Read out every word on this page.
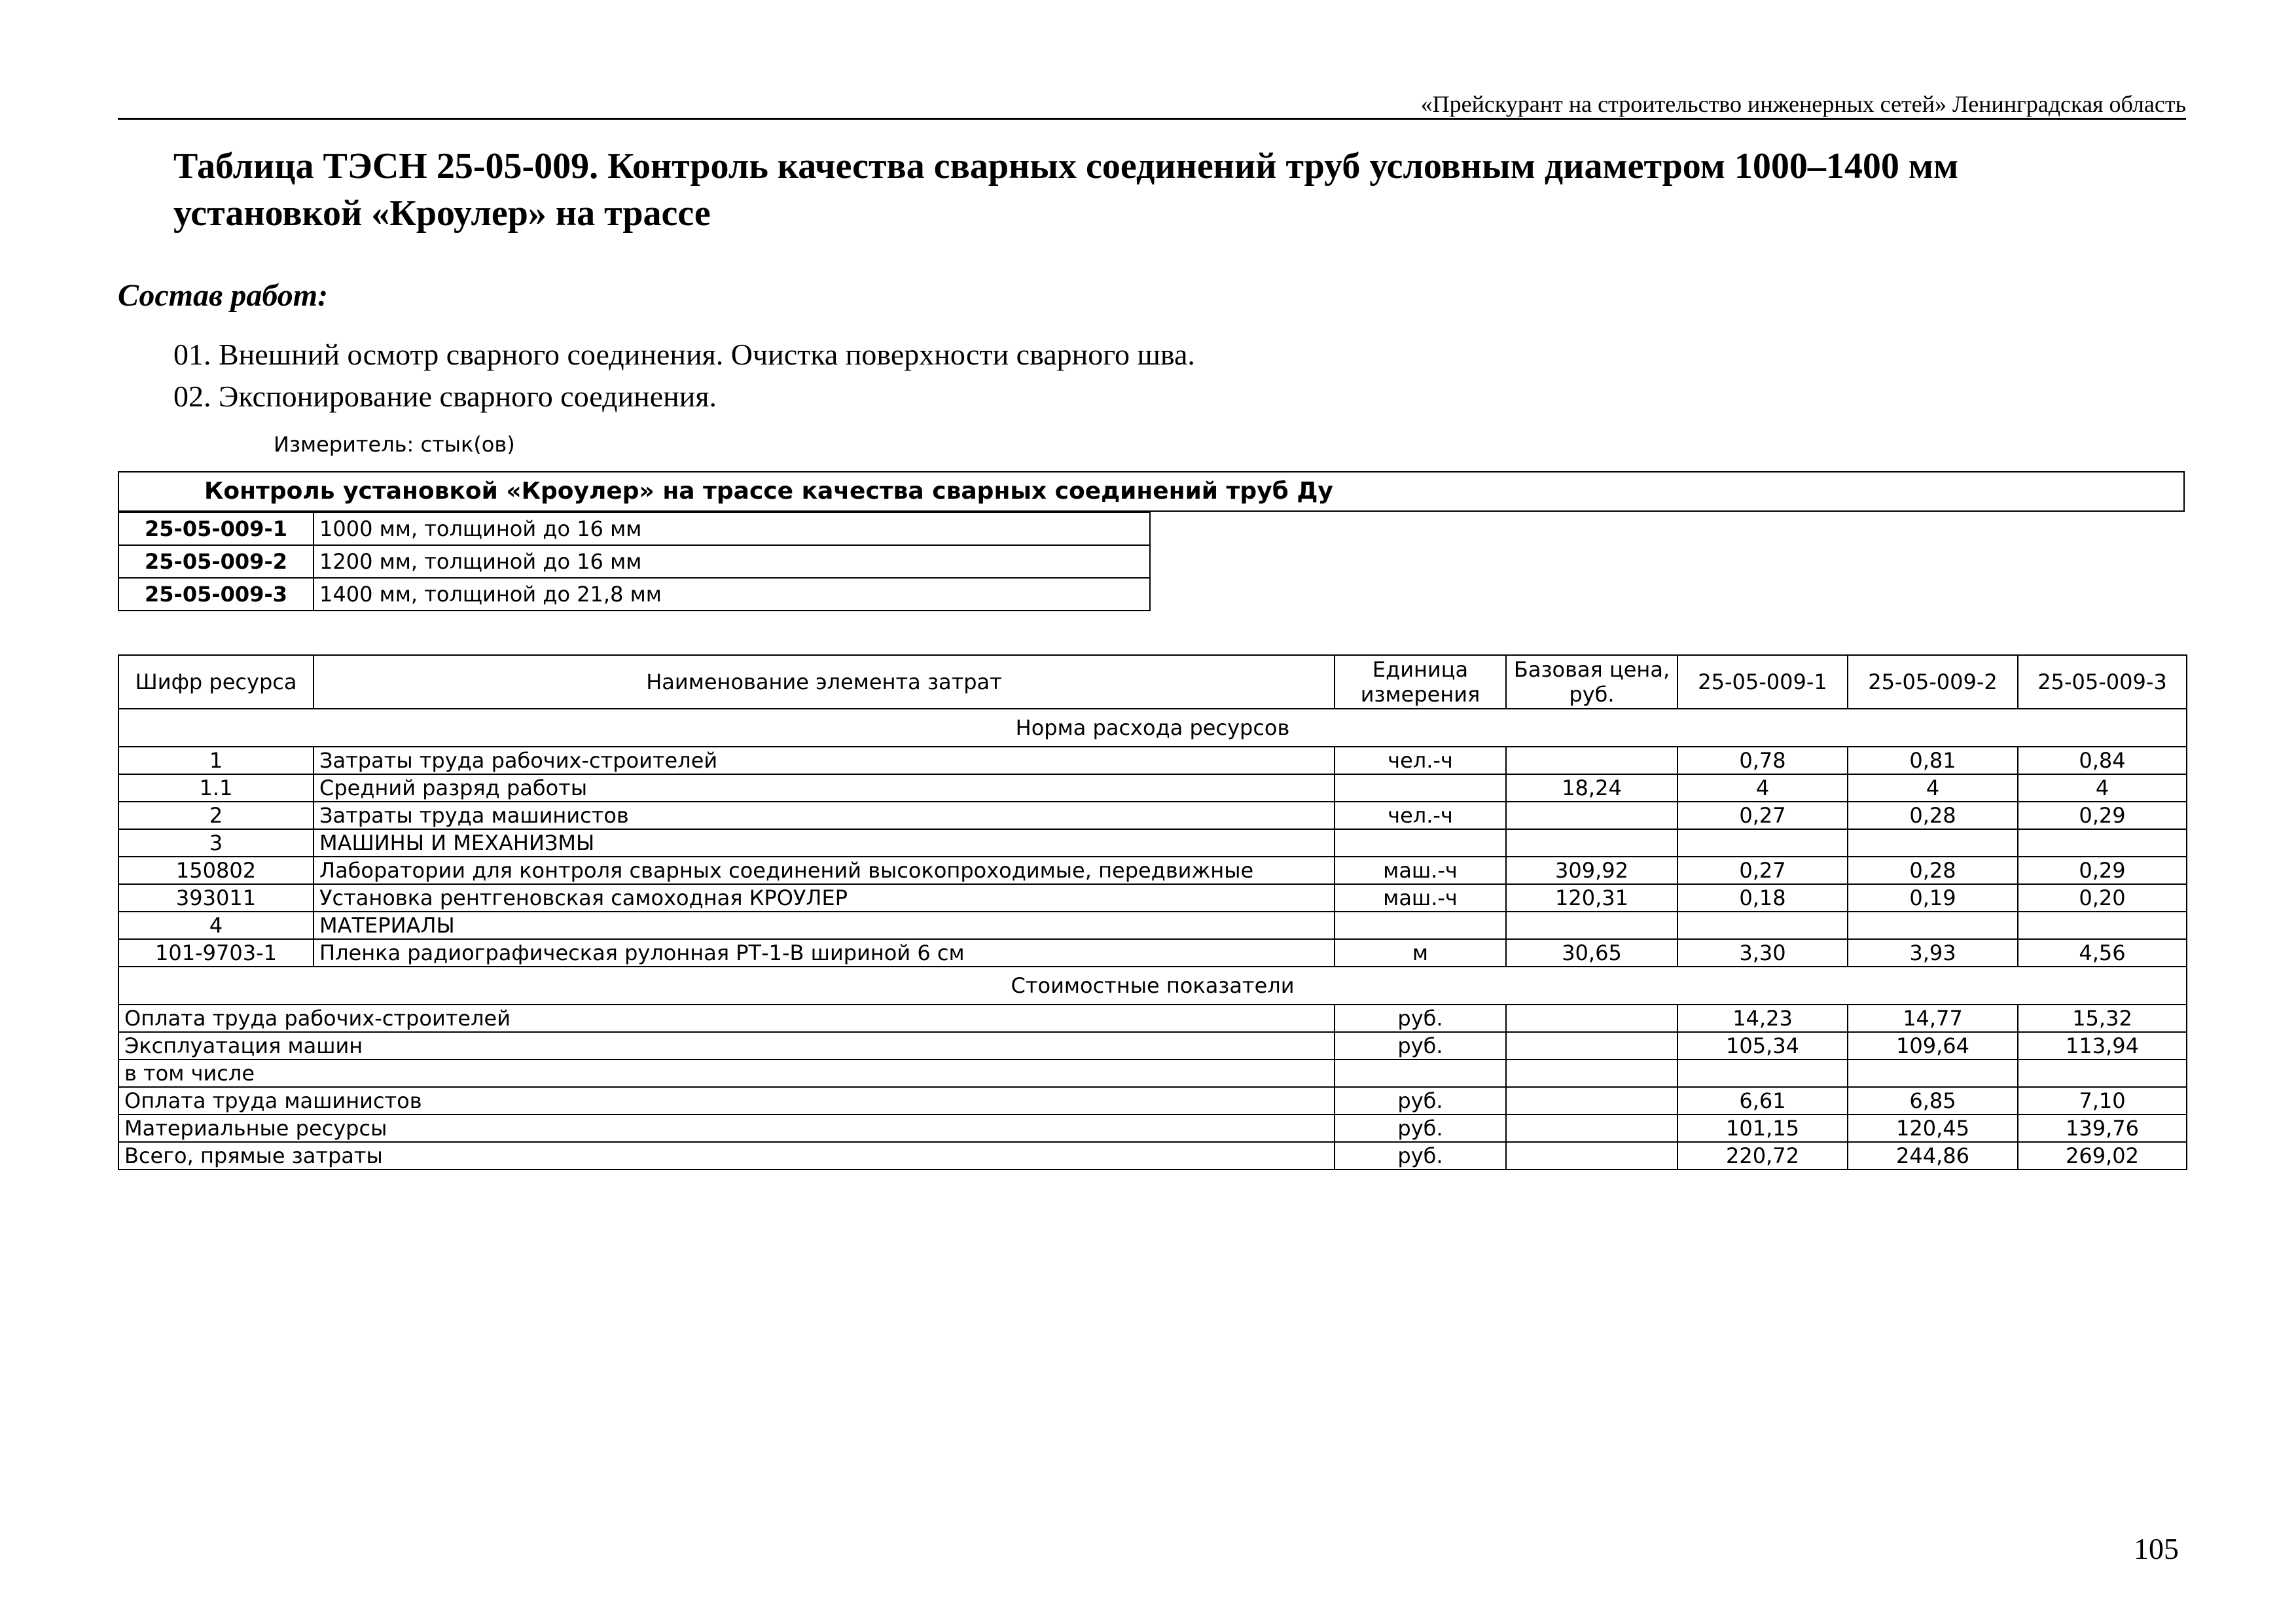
«Прейскурант на строительство инженерных сетей» Ленинградская область
Таблица ТЭСН 25-05-009. Контроль качества сварных соединений труб условным диаметром 1000–1400 мм установкой «Кроулер» на трассе
Состав работ:
01. Внешний осмотр сварного соединения. Очистка поверхности сварного шва.
02. Экспонирование сварного соединения.
Измеритель: стык(ов)
Контроль установкой «Кроулер» на трассе качества сварных соединений труб Ду
25-05-009-1	1000 мм, толщиной до 16 мм
25-05-009-2	1200 мм, толщиной до 16 мм
25-05-009-3	1400 мм, толщиной до 21,8 мм
Шифр ресурса	Наименование элемента затрат	Единица измерения	Базовая цена, руб.	25-05-009-1	25-05-009-2	25-05-009-3
Норма расхода ресурсов						
1	Затраты труда рабочих-строителей	чел.-ч		0,78	0,81	0,84
1.1	Средний разряд работы		18,24	4	4	4
2	Затраты труда машинистов	чел.-ч		0,27	0,28	0,29
3	МАШИНЫ И МЕХАНИЗМЫ					
150802	Лаборатории для контроля сварных соединений высокопроходимые, передвижные	маш.-ч	309,92	0,27	0,28	0,29
393011	Установка рентгеновская самоходная КРОУЛЕР	маш.-ч	120,31	0,18	0,19	0,20
4	МАТЕРИАЛЫ					
101-9703-1	Пленка радиографическая рулонная РТ-1-В шириной 6 см	м	30,65	3,30	3,93	4,56
Стоимостные показатели						
Оплата труда рабочих-строителей		руб.		14,23	14,77	15,32
Эксплуатация машин		руб.		105,34	109,64	113,94
в том числе						
Оплата труда машинистов		руб.		6,61	6,85	7,10
Материальные ресурсы		руб.		101,15	120,45	139,76
Всего, прямые затраты		руб.		220,72	244,86	269,02
105
